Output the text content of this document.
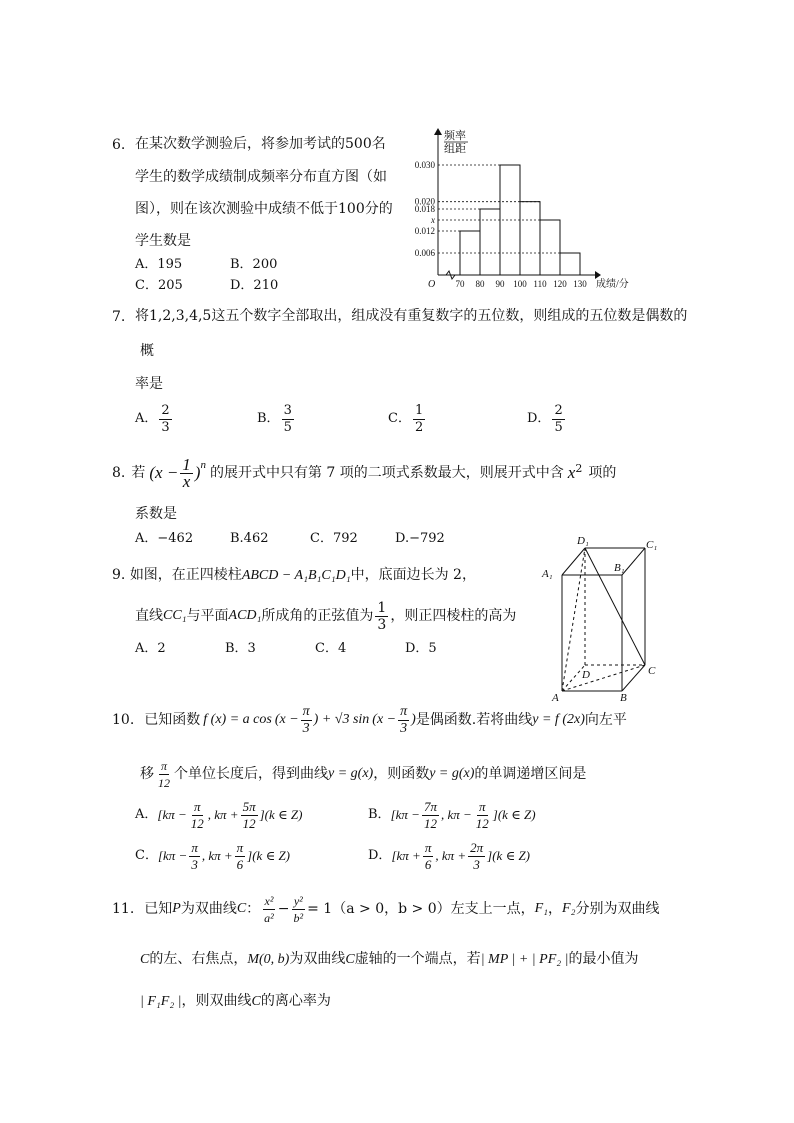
6. 在某次数学测验后，将参加考试的500名
学生的数学成绩制成频率分布直方图（如
图），则在该次测验中成绩不低于100分的
学生数是
A．195	B．200
C．205	D．210
0.006
0.012
x
0.018
0.020
0.030
70 80 90 100 110 120 130
O
频率
组距
成绩/分
7. 将1,2,3,4,5这五个数字全部取出，组成没有重复数字的五位数，则组成的五位数是偶数的
概
率是
A． $\frac{2}{3}$	B． $\frac{3}{5}$	C． $\frac{1}{2}$	D． $\frac{2}{5}$
8. 若 $(x - \frac{1}{x} )^n$ 的展开式中只有第 7 项的二项式系数最大，则展开式中含 $x^2$ 项的
系数是
A．−462	B.462	C．792	D.−792
9. 如图，在正四棱柱ABCD − A₁B₁C₁D₁中，底面边长为 2，
直线 CC₁ 与平面 ACD₁ 所成角的正弦值为 $\frac{1}{3}$ ，则正四棱柱的高为
A．2	B．3	C．4	D．5
D₁	C₁
A₁	B₁
D	C
A	B
10. 已知函数 f (x) = a $\cos (x - \frac{\pi}{3}$ ) + √3 $\sin (x - \frac{\pi}{3}$ ) 是偶函数.若将曲线 y = f (2x) 向左平
移 $\frac{\pi}{12}$ 个单位长度后，得到曲线 y = g(x) ，则函数 y = g(x) 的单调递增区间是
A． [$k\pi - \frac{\pi}{12}$ , $k\pi + \frac{5\pi}{12} ](k$ ∈ Z)	B． [$k\pi - \frac{7\pi}{12}$ , $k\pi - \frac{\pi}{12} ](k$ ∈ Z)
C． [$k\pi - \frac{\pi}{3}$ , $k\pi + \frac{\pi}{6} ](k$ ∈ Z)	D． [$k\pi + \frac{\pi}{6}$ , $k\pi + \frac{2\pi}{3} ](k$ ∈ Z)
11. 已知 P 为双曲线 C ： $\frac{\text{x²}}{\text{a²}} - \frac{\text{y²}}{\text{b²}} = 1$ （a > 0，b > 0）左支上一点， F₁ ， F₂ 分别为双曲线
C的左、右焦点，M(0, b)为双曲线C虚轴的一个端点，若| MP | + | PF₂ |的最小值为
| F₁F₂ |，则双曲线C的离心率为
